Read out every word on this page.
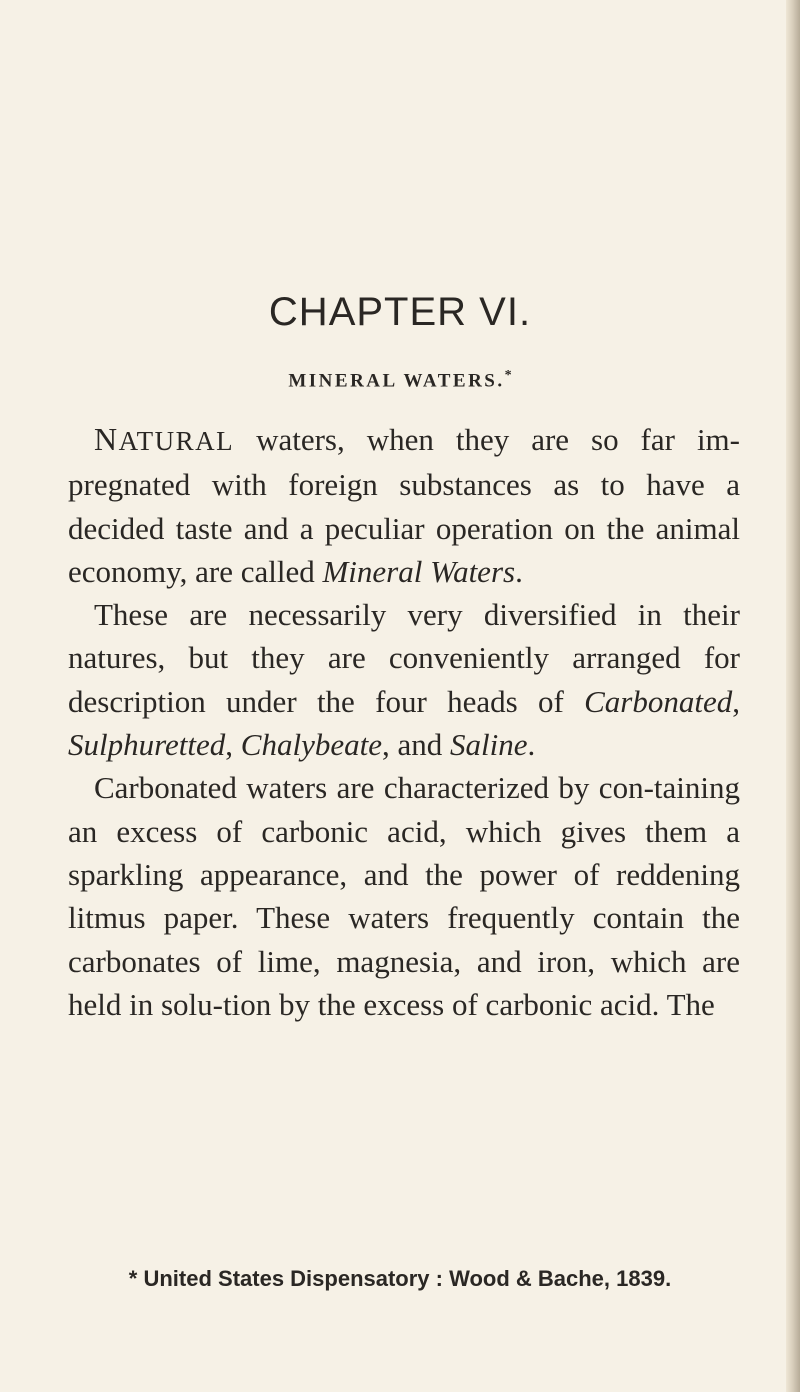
CHAPTER VI.
MINERAL WATERS.*

NATURAL waters, when they are so far im-pregnated with foreign substances as to have a decided taste and a peculiar operation on the animal economy, are called Mineral Waters.

These are necessarily very diversified in their natures, but they are conveniently arranged for description under the four heads of Carbonated, Sulphuretted, Chalybeate, and Saline.

Carbonated waters are characterized by con-taining an excess of carbonic acid, which gives them a sparkling appearance, and the power of reddening litmus paper. These waters frequently contain the carbonates of lime, magnesia, and iron, which are held in solu-tion by the excess of carbonic acid. The

* United States Dispensatory : Wood & Bache, 1839.
